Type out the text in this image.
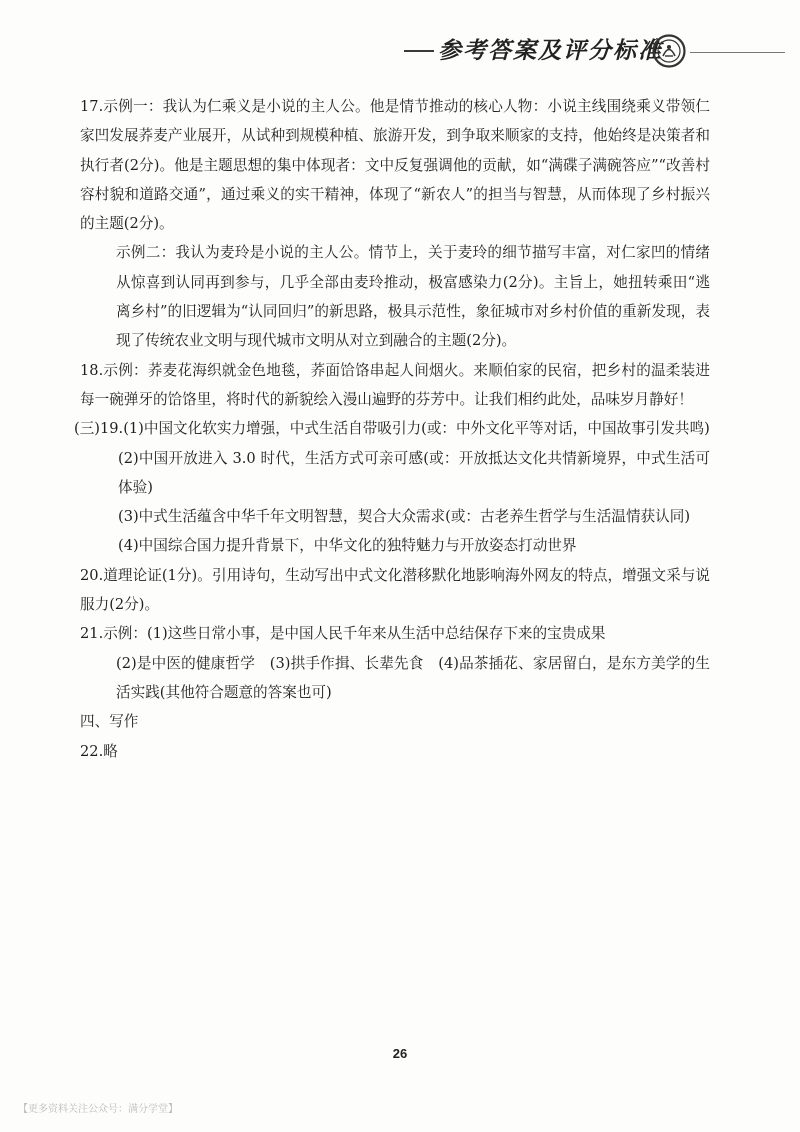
参考答案及评分标准

17.示例一：我认为仁乘义是小说的主人公。他是情节推动的核心人物：小说主线围绕乘义带领仁家凹发展荞麦产业展开，从试种到规模种植、旅游开发，到争取来顺家的支持，他始终是决策者和执行者(2分)。他是主题思想的集中体现者：文中反复强调他的贡献，如“满碟子满碗答应”“改善村容村貌和道路交通”，通过乘义的实干精神，体现了“新农人”的担当与智慧，从而体现了乡村振兴的主题(2分)。

示例二：我认为麦玲是小说的主人公。情节上，关于麦玲的细节描写丰富，对仁家凹的情绪从惊喜到认同再到参与，几乎全部由麦玲推动，极富感染力(2分)。主旨上，她扭转乘田“逃离乡村”的旧逻辑为“认同回归”的新思路，极具示范性，象征城市对乡村价值的重新发现，表现了传统农业文明与现代城市文明从对立到融合的主题(2分)。

18.示例：荞麦花海织就金色地毯，荞面饸饹串起人间烟火。来顺伯家的民宿，把乡村的温柔装进每一碗弹牙的饸饹里，将时代的新貌绘入漫山遍野的芬芳中。让我们相约此处，品味岁月静好！

(三)19.(1)中国文化软实力增强，中式生活自带吸引力(或：中外文化平等对话，中国故事引发共鸣)

(2)中国开放进入 3.0 时代，生活方式可亲可感(或：开放抵达文化共情新境界，中式生活可体验)

(3)中式生活蕴含中华千年文明智慧，契合大众需求(或：古老养生哲学与生活温情获认同)

(4)中国综合国力提升背景下，中华文化的独特魅力与开放姿态打动世界

20.道理论证(1分)。引用诗句，生动写出中式文化潜移默化地影响海外网友的特点，增强文采与说服力(2分)。

21.示例：(1)这些日常小事，是中国人民千年来从生活中总结保存下来的宝贵成果

(2)是中医的健康哲学　(3)拱手作揖、长辈先食　(4)品茶插花、家居留白，是东方美学的生活实践(其他符合题意的答案也可)

四、写作

22.略

26
【更多资料关注公众号：满分学堂】
